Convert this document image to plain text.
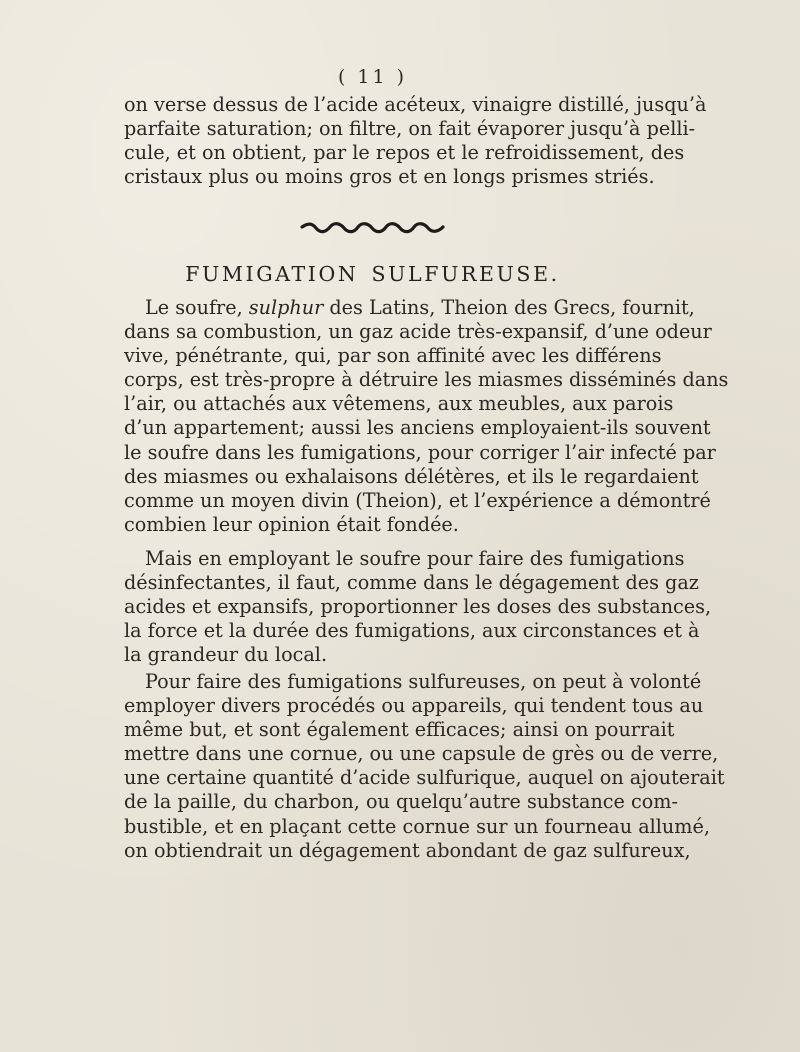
( 11 )
on verse dessus de l’acide acéteux, vinaigre distillé, jusqu’à
parfaite saturation; on filtre, on fait évaporer jusqu’à pelli-
cule, et on obtient, par le repos et le refroidissement, des
cristaux plus ou moins gros et en longs prismes striés.
FUMIGATION SULFUREUSE.
Le soufre, sulphur des Latins, Theion des Grecs, fournit,
dans sa combustion, un gaz acide très-expansif, d’une odeur
vive, pénétrante, qui, par son affinité avec les différens
corps, est très-propre à détruire les miasmes disséminés dans
l’air, ou attachés aux vêtemens, aux meubles, aux parois
d’un appartement; aussi les anciens employaient-ils souvent
le soufre dans les fumigations, pour corriger l’air infecté par
des miasmes ou exhalaisons délétères, et ils le regardaient
comme un moyen divin (Theion), et l’expérience a démontré
combien leur opinion était fondée.
Mais en employant le soufre pour faire des fumigations
désinfectantes, il faut, comme dans le dégagement des gaz
acides et expansifs, proportionner les doses des substances,
la force et la durée des fumigations, aux circonstances et à
la grandeur du local.
Pour faire des fumigations sulfureuses, on peut à volonté
employer divers procédés ou appareils, qui tendent tous au
même but, et sont également efficaces; ainsi on pourrait
mettre dans une cornue, ou une capsule de grès ou de verre,
une certaine quantité d’acide sulfurique, auquel on ajouterait
de la paille, du charbon, ou quelqu’autre substance com-
bustible, et en plaçant cette cornue sur un fourneau allumé,
on obtiendrait un dégagement abondant de gaz sulfureux,
